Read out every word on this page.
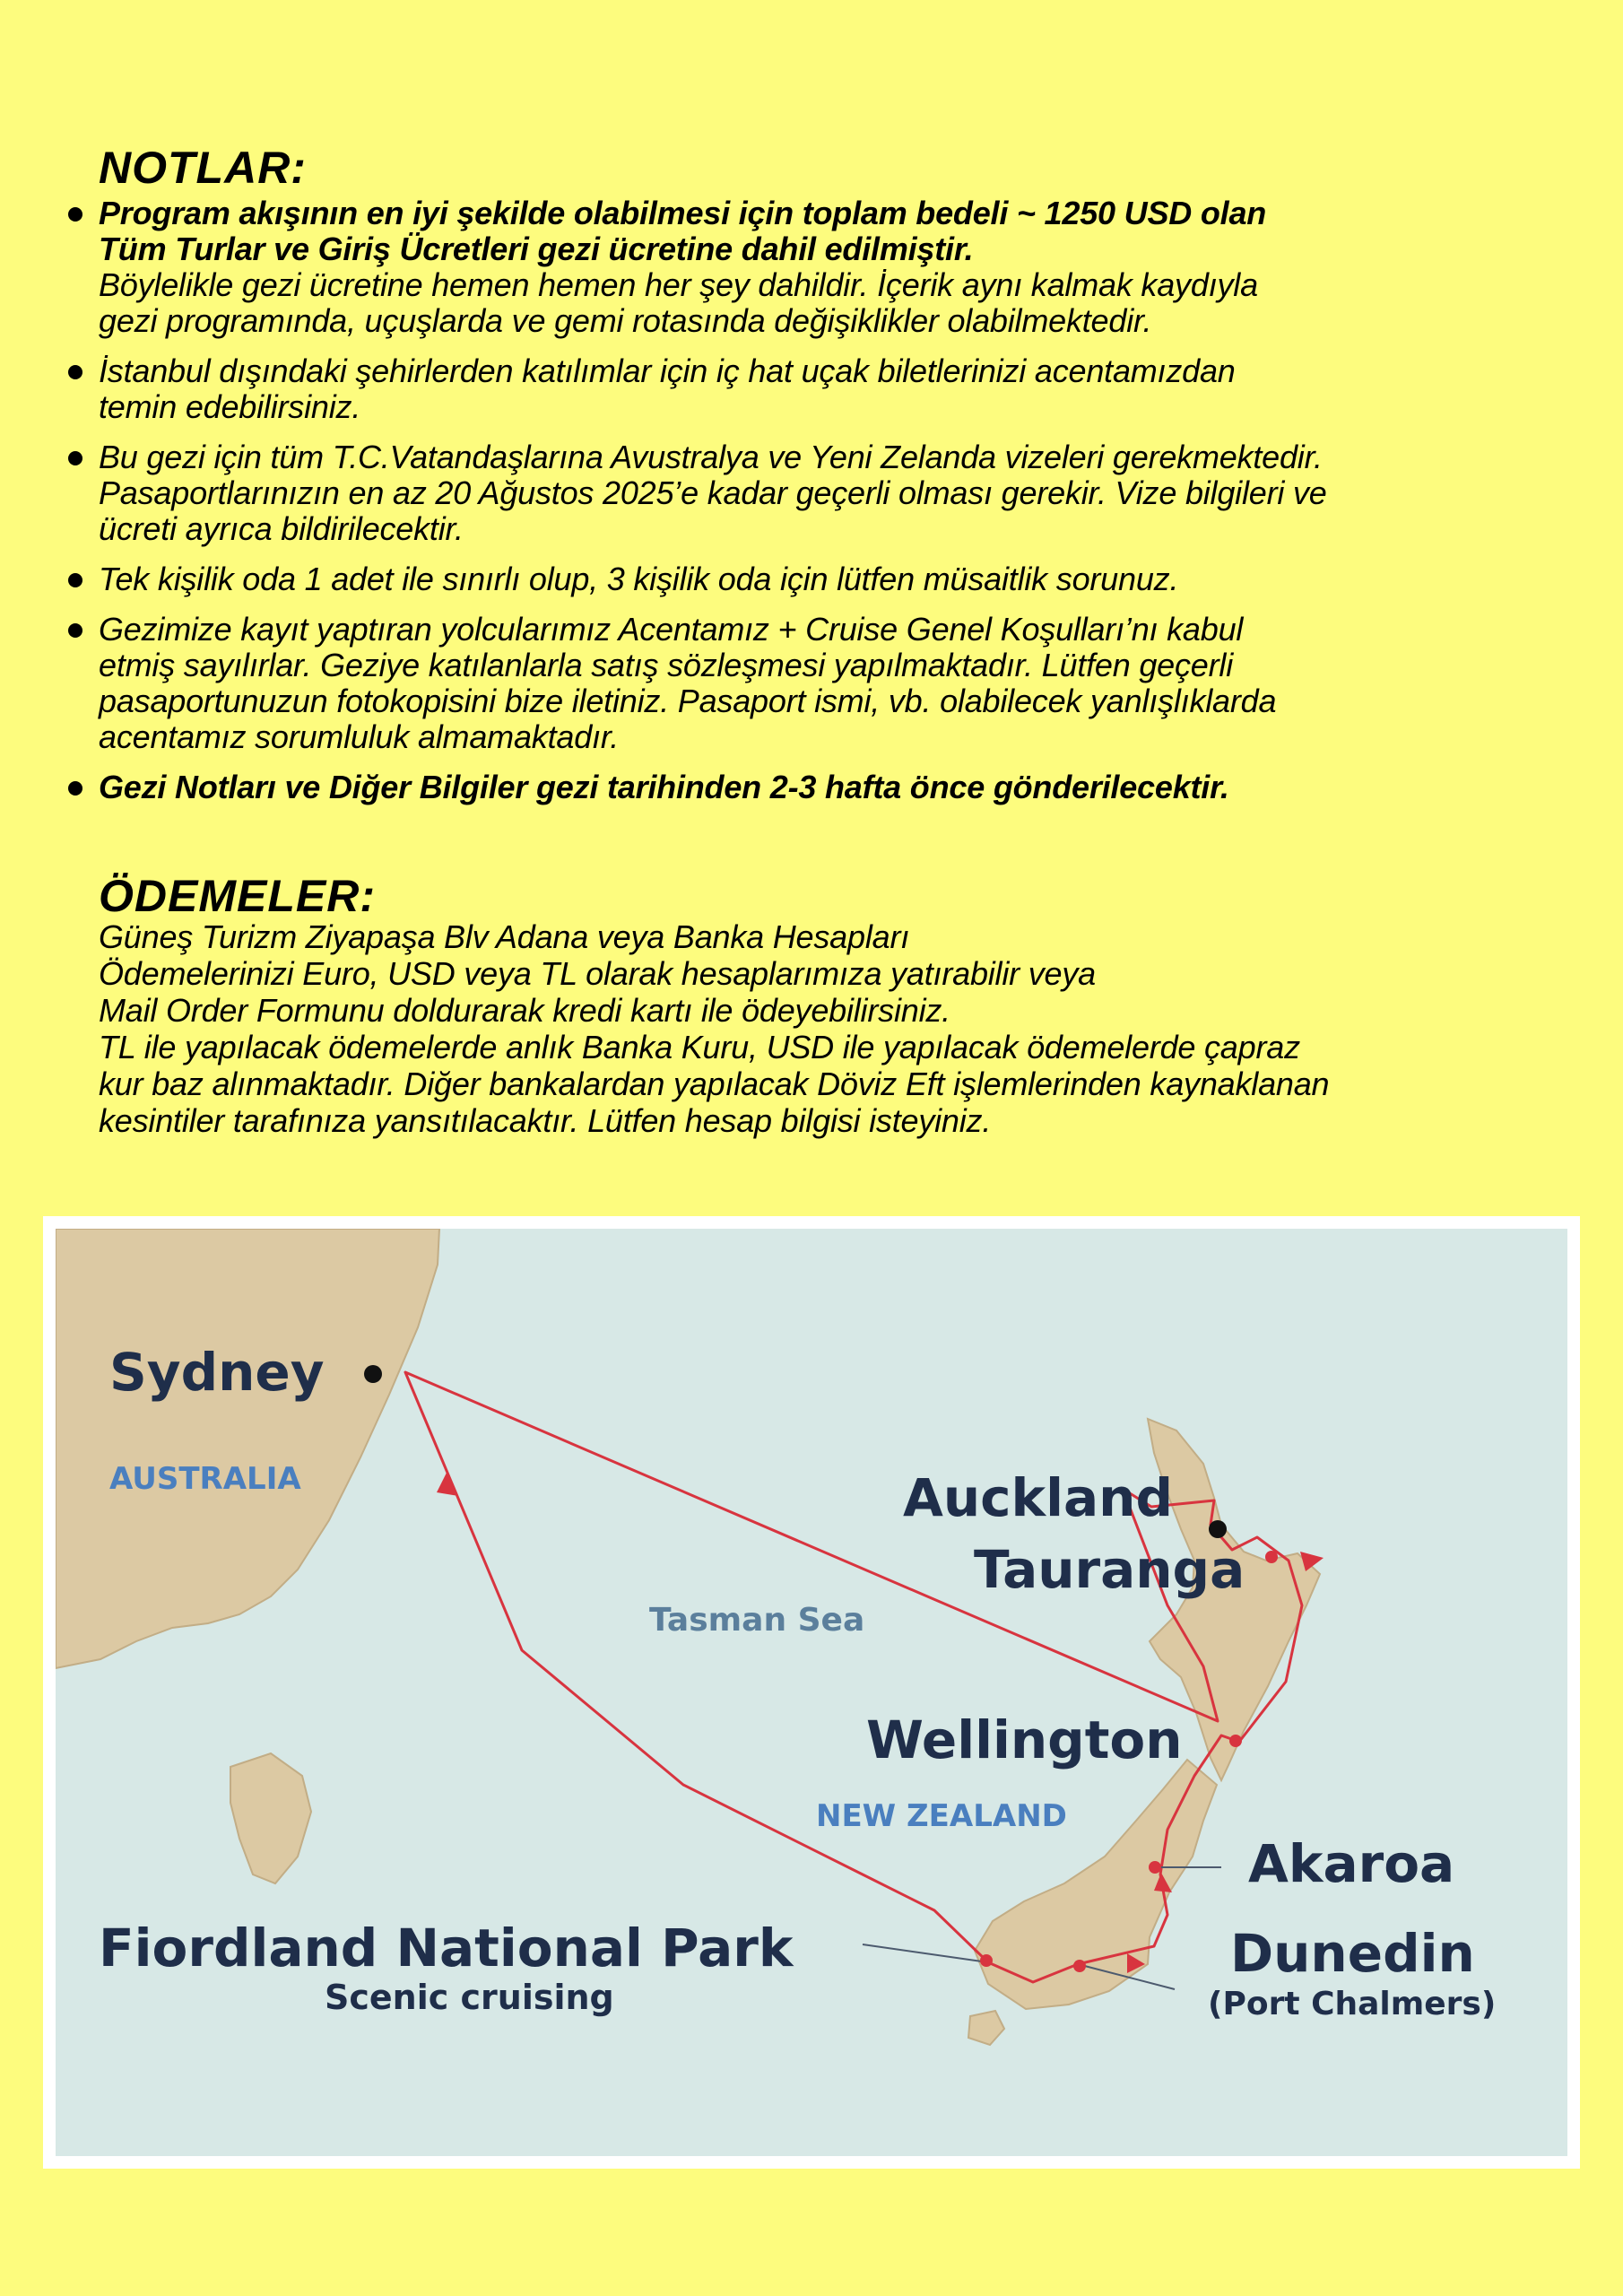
NOTLAR:

Program akışının en iyi şekilde olabilmesi için toplam bedeli ~ 1250 USD olan

Tüm Turlar ve Giriş Ücretleri gezi ücretine dahil edilmiştir.

Böylelikle gezi ücretine hemen hemen her şey dahildir. İçerik aynı kalmak kaydıyla

gezi programında, uçuşlarda ve gemi rotasında değişiklikler olabilmektedir.

İstanbul dışındaki şehirlerden katılımlar için iç hat uçak biletlerinizi acentamızdan

temin edebilirsiniz.

Bu gezi için tüm T.C.Vatandaşlarına Avustralya ve Yeni Zelanda vizeleri gerekmektedir.

Pasaportlarınızın en az 20 Ağustos 2025’e kadar geçerli olması gerekir. Vize bilgileri ve

ücreti ayrıca bildirilecektir.

Tek kişilik oda 1 adet ile sınırlı olup, 3 kişilik oda için lütfen müsaitlik sorunuz.

Gezimize kayıt yaptıran yolcularımız Acentamız + Cruise Genel Koşulları’nı kabul

etmiş sayılırlar. Geziye katılanlarla satış sözleşmesi yapılmaktadır. Lütfen geçerli

pasaportunuzun fotokopisini bize iletiniz. Pasaport ismi, vb. olabilecek yanlışlıklarda

acentamız sorumluluk almamaktadır.

Gezi Notları ve Diğer Bilgiler gezi tarihinden 2-3 hafta önce gönderilecektir.

ÖDEMELER:

Güneş Turizm Ziyapaşa Blv Adana veya Banka Hesapları

Ödemelerinizi Euro, USD veya TL olarak hesaplarımıza yatırabilir veya

Mail Order Formunu doldurarak kredi kartı ile ödeyebilirsiniz.

TL ile yapılacak ödemelerde anlık Banka Kuru, USD ile yapılacak ödemelerde çapraz

kur baz alınmaktadır. Diğer bankalardan yapılacak Döviz Eft işlemlerinden kaynaklanan

kesintiler tarafınıza yansıtılacaktır. Lütfen hesap bilgisi isteyiniz.

Sydney
AUSTRALIA
Tasman Sea
Auckland
Tauranga
Wellington
NEW ZEALAND
Akaroa
Dunedin
(Port Chalmers)
Fiordland National Park
Scenic cruising
